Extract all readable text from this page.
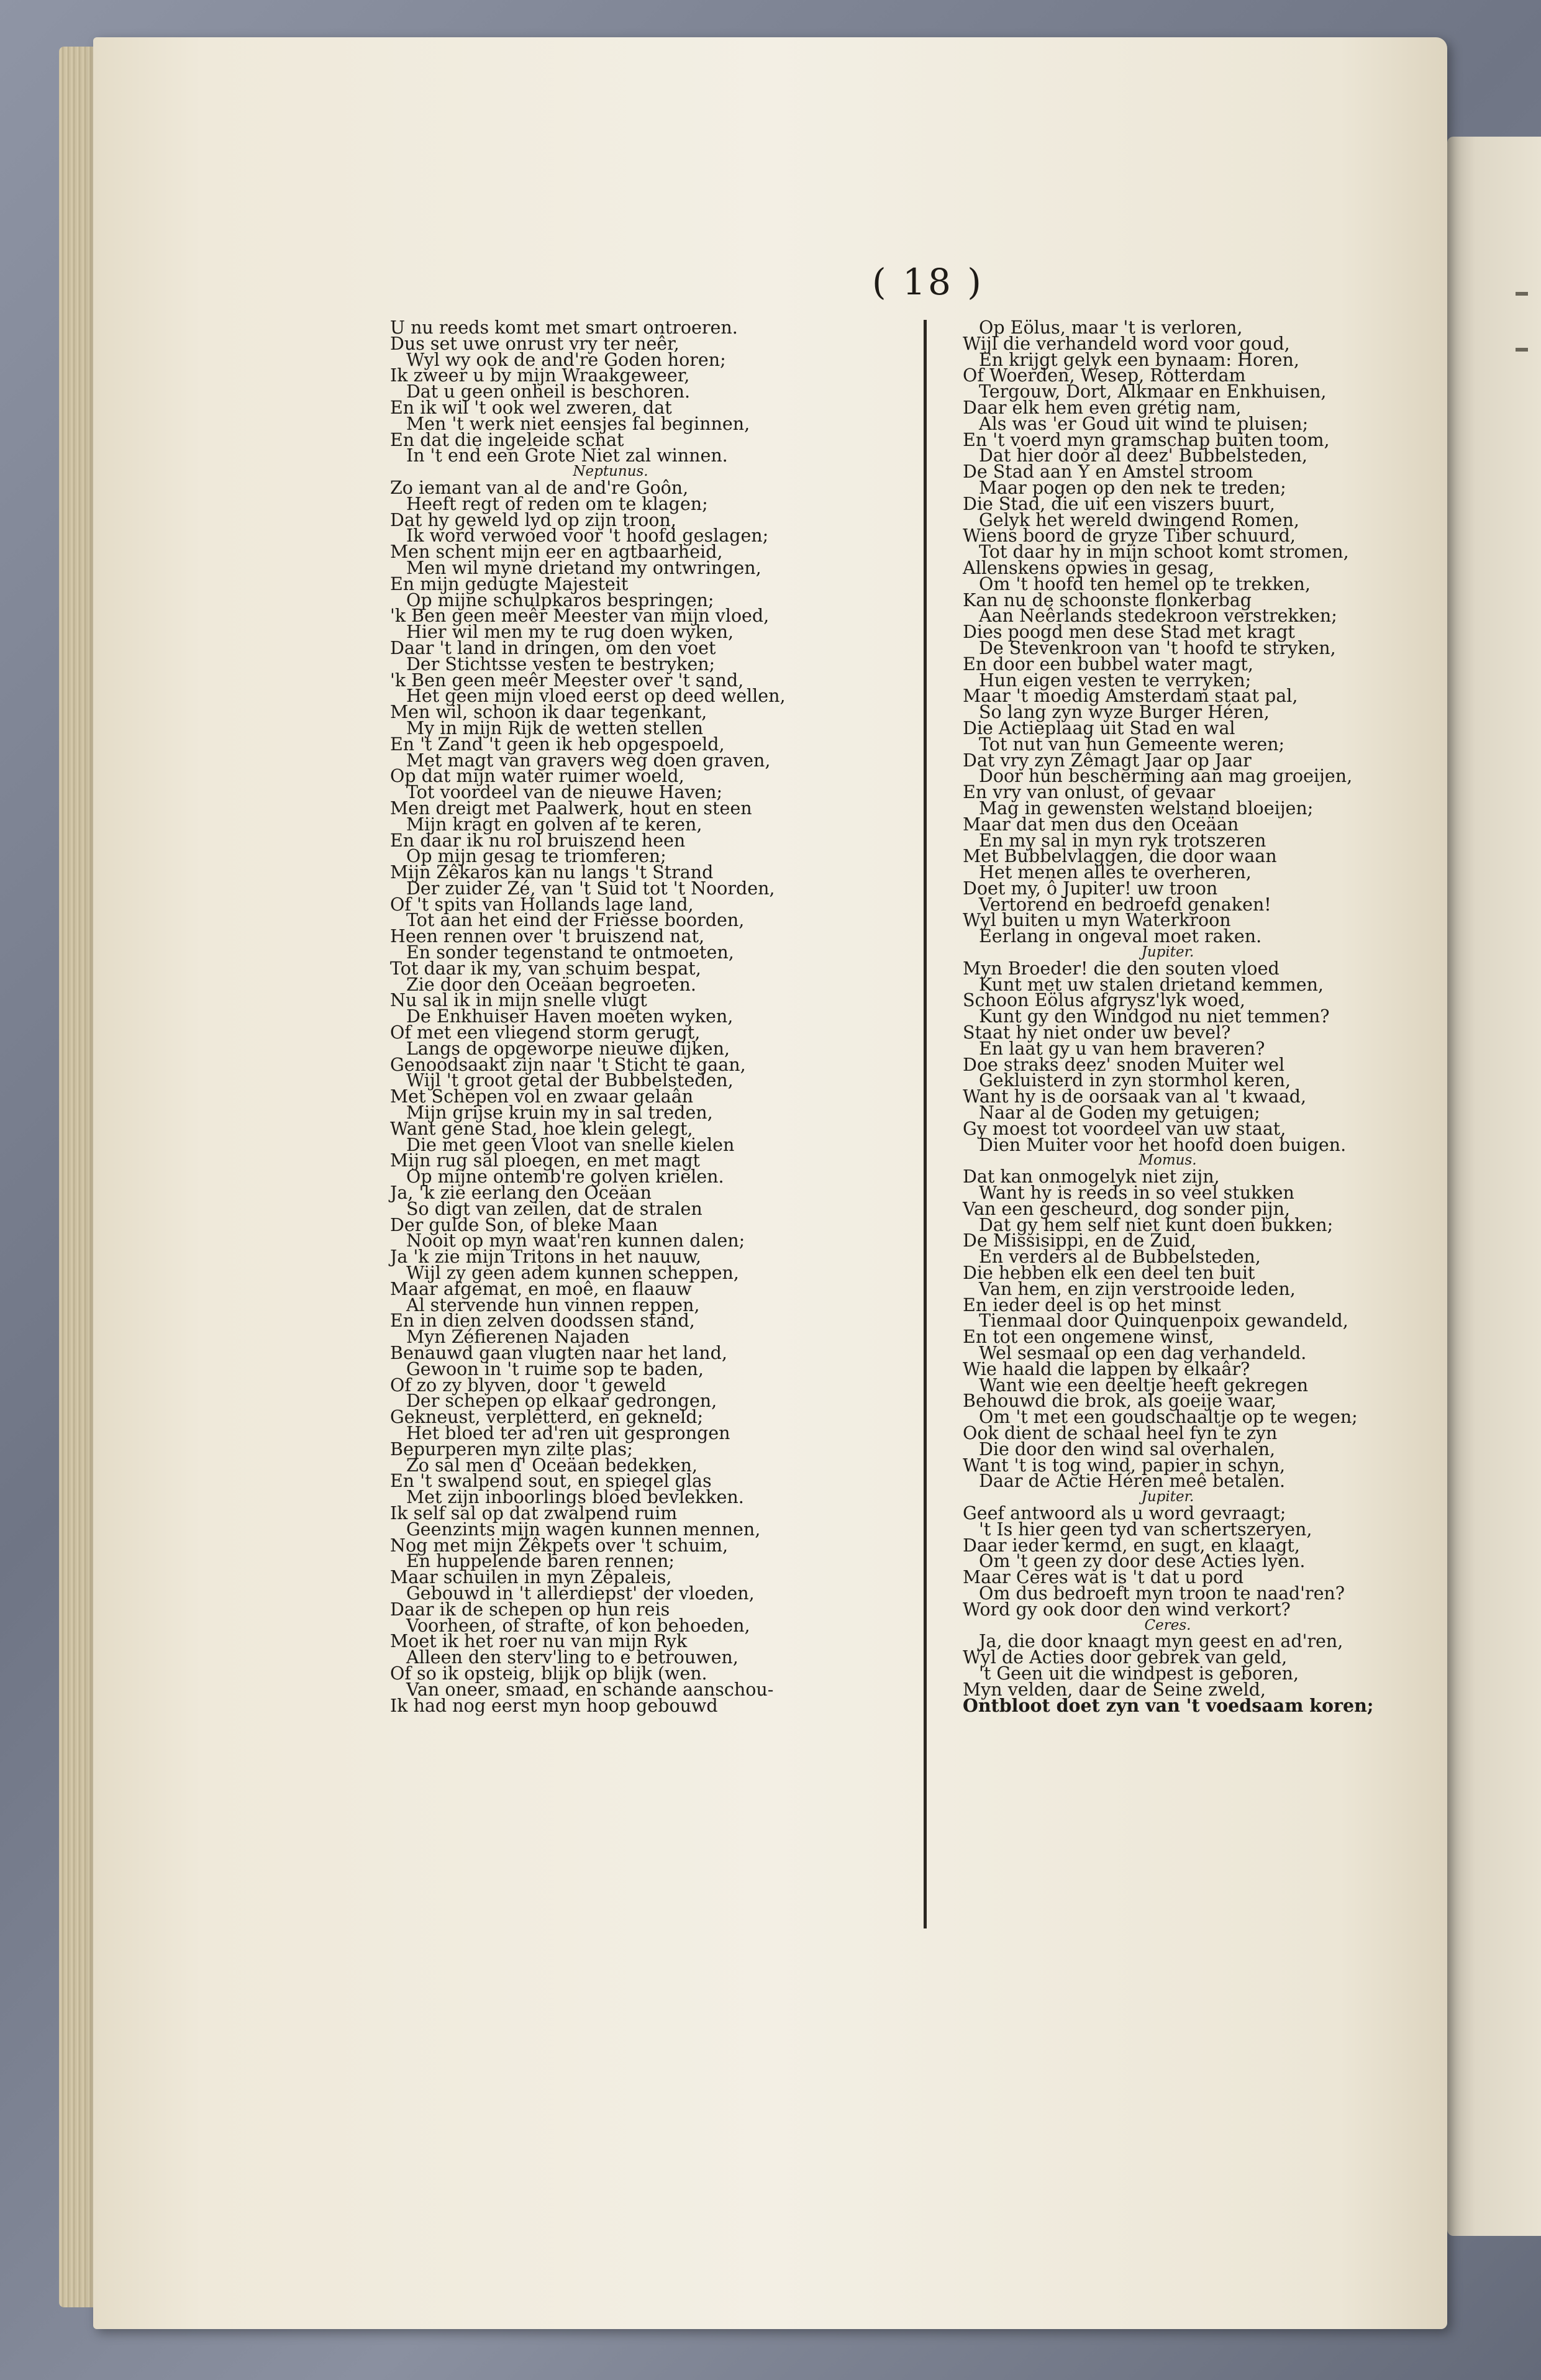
( 18 )
U nu reeds komt met smart ontroeren.
Dus set uwe onrust vry ter neêr,
Wyl wy ook de and're Goden horen;
Ik zweer u by mijn Wraakgeweer,
Dat u geen onheil is beschoren.
En ik wil 't ook wel zweren, dat
Men 't werk niet eensjes fal beginnen,
En dat die ingeleide schat
In 't end een Grote Niet zal winnen.
Neptunus.
Zo iemant van al de and're Goôn,
Heeft regt of reden om te klagen;
Dat hy geweld lyd op zijn troon,
Ik word verwoed voor 't hoofd geslagen;
Men schent mijn eer en agtbaarheid,
Men wil myne drietand my ontwringen,
En mijn gedugte Majesteit
Op mijne schulpkaros bespringen;
'k Ben geen meêr Meester van mijn vloed,
Hier wil men my te rug doen wyken,
Daar 't land in dringen, om den voet
Der Stichtsse vesten te bestryken;
'k Ben geen meêr Meester over 't sand,
Het geen mijn vloed eerst op deed wellen,
Men wil, schoon ik daar tegenkant,
My in mijn Rijk de wetten stellen
En 't Zand 't geen ik heb opgespoeld,
Met magt van gravers weg doen graven,
Op dat mijn water ruimer woeld,
Tot voordeel van de nieuwe Haven;
Men dreigt met Paalwerk, hout en steen
Mijn kragt en golven af te keren,
En daar ik nu rol bruiszend heen
Op mijn gesag te triomferen;
Mijn Zêkaros kan nu langs 't Strand
Der zuider Zé, van 't Suid tot 't Noorden,
Of 't spits van Hollands lage land,
Tot aan het eind der Friesse boorden,
Heen rennen over 't bruiszend nat,
En sonder tegenstand te ontmoeten,
Tot daar ik my, van schuim bespat,
Zie door den Oceäan begroeten.
Nu sal ik in mijn snelle vlugt
De Enkhuiser Haven moeten wyken,
Of met een vliegend storm gerugt,
Langs de opgeworpe nieuwe dijken,
Genoodsaakt zijn naar 't Sticht te gaan,
Wijl 't groot getal der Bubbelsteden,
Met Schepen vol en zwaar gelaân
Mijn grijse kruin my in sal treden,
Want gene Stad, hoe klein gelegt,
Die met geen Vloot van snelle kielen
Mijn rug sal ploegen, en met magt
Op mijne ontemb're golven krielen.
Ja, 'k zie eerlang den Oceäan
So digt van zeilen, dat de stralen
Der gulde Son, of bleke Maan
Nooit op myn waat'ren kunnen dalen;
Ja 'k zie mijn Tritons in het nauuw,
Wijl zy geen adem kunnen scheppen,
Maar afgemat, en moê, en flaauw
Al stervende hun vinnen reppen,
En in dien zelven doodssen stand,
Myn Zéfierenen Najaden
Benauwd gaan vlugten naar het land,
Gewoon in 't ruime sop te baden,
Of zo zy blyven, door 't geweld
Der schepen op elkaar gedrongen,
Gekneust, verpletterd, en gekneld;
Het bloed ter ad'ren uit gesprongen
Bepurperen myn zilte plas;
Zo sal men d' Oceäan bedekken,
En 't swalpend sout, en spiegel glas
Met zijn inboorlings bloed bevlekken.
Ik self sal op dat zwalpend ruim
Geenzints mijn wagen kunnen mennen,
Nog met mijn Zêkpets over 't schuim,
En huppelende baren rennen;
Maar schuilen in myn Zêpaleis,
Gebouwd in 't allerdiepst' der vloeden,
Daar ik de schepen op hun reis
Voorheen, of strafte, of kon behoeden,
Moet ik het roer nu van mijn Ryk
Alleen den sterv'ling to e betrouwen,
Of so ik opsteig, blijk op blijk (wen.
Van oneer, smaad, en schande aanschou-
Ik had nog eerst myn hoop gebouwd
Op Eölus, maar 't is verloren,
Wijl die verhandeld word voor goud,
En krijgt gelyk een bynaam: Horen,
Of Woerden, Wesep, Rotterdam
Tergouw, Dort, Alkmaar en Enkhuisen,
Daar elk hem even grétig nam,
Als was 'er Goud uit wind te pluisen;
En 't voerd myn gramschap buiten toom,
Dat hier door al deez' Bubbelsteden,
De Stad aan Y en Amstel stroom
Maar pogen op den nek te treden;
Die Stad, die uit een viszers buurt,
Gelyk het wereld dwingend Romen,
Wiens boord de gryze Tiber schuurd,
Tot daar hy in mijn schoot komt stromen,
Allenskens opwies in gesag,
Om 't hoofd ten hemel op te trekken,
Kan nu de schoonste flonkerbag
Aan Neêrlands stedekroon verstrekken;
Dies poogd men dese Stad met kragt
De Stevenkroon van 't hoofd te stryken,
En door een bubbel water magt,
Hun eigen vesten te verryken;
Maar 't moedig Amsterdam staat pal,
So lang zyn wyze Burger Héren,
Die Actieplaag uit Stad en wal
Tot nut van hun Gemeente weren;
Dat vry zyn Zêmagt Jaar op Jaar
Door hun bescherming aan mag groeijen,
En vry van onlust, of gevaar
Mag in gewensten welstand bloeijen;
Maar dat men dus den Oceäan
En my sal in myn ryk trotszeren
Met Bubbelvlaggen, die door waan
Het menen alles te overheren,
Doet my, ô Jupiter! uw troon
Vertorend en bedroefd genaken!
Wyl buiten u myn Waterkroon
Eerlang in ongeval moet raken.
Jupiter.
Myn Broeder! die den souten vloed
Kunt met uw stalen drietand kemmen,
Schoon Eölus afgrysz'lyk woed,
Kunt gy den Windgod nu niet temmen?
Staat hy niet onder uw bevel?
En laat gy u van hem braveren?
Doe straks deez' snoden Muiter wel
Gekluisterd in zyn stormhol keren,
Want hy is de oorsaak van al 't kwaad,
Naar al de Goden my getuigen;
Gy moest tot voordeel van uw staat,
Dien Muiter voor het hoofd doen buigen.
Momus.
Dat kan onmogelyk niet zijn,
Want hy is reeds in so veel stukken
Van een gescheurd, dog sonder pijn,
Dat gy hem self niet kunt doen bukken;
De Missisippi, en de Zuid,
En verders al de Bubbelsteden,
Die hebben elk een deel ten buit
Van hem, en zijn verstrooide leden,
En ieder deel is op het minst
Tienmaal door Quinquenpoix gewandeld,
En tot een ongemene winst,
Wel sesmaal op een dag verhandeld.
Wie haald die lappen by elkaâr?
Want wie een deeltje heeft gekregen
Behouwd die brok, als goeije waar,
Om 't met een goudschaaltje op te wegen;
Ook dient de schaal heel fyn te zyn
Die door den wind sal overhalen,
Want 't is tog wind, papier in schyn,
Daar de Actie Héren meê betalen.
Jupiter.
Geef antwoord als u word gevraagt;
't Is hier geen tyd van schertszeryen,
Daar ieder kermd, en sugt, en klaagt,
Om 't geen zy door dese Acties lyen.
Maar Ceres wat is 't dat u pord
Om dus bedroeft myn troon te naad'ren?
Word gy ook door den wind verkort?
Ceres.
Ja, die door knaagt myn geest en ad'ren,
Wyl de Acties door gebrek van geld,
't Geen uit die windpest is geboren,
Myn velden, daar de Seine zweld,
Ontbloot doet zyn van 't voedsaam koren;
